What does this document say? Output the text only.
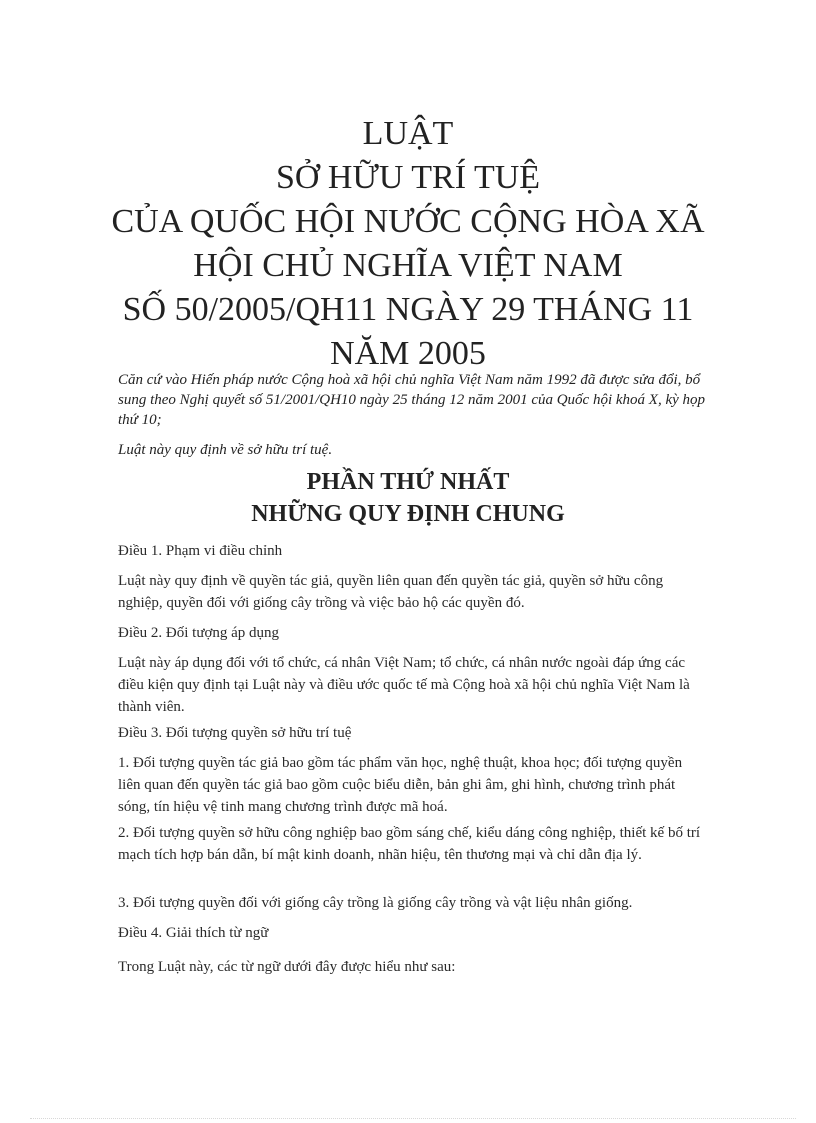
LUẬT
SỞ HỮU TRÍ TUỆ
CỦA QUỐC HỘI NƯỚC CỘNG HÒA XÃ
HỘI CHỦ NGHĨA VIỆT NAM
SỐ 50/2005/QH11 NGÀY 29 THÁNG 11
NĂM 2005
Căn cứ vào Hiến pháp nước Cộng hoà xã hội chủ nghĩa Việt Nam năm 1992 đã được sửa đổi, bổ sung theo Nghị quyết số 51/2001/QH10 ngày 25 tháng 12 năm 2001 của Quốc hội khoá X, kỳ họp thứ 10;
Luật này quy định về sở hữu trí tuệ.
PHẦN THỨ NHẤT
NHỮNG QUY ĐỊNH CHUNG
Điều 1. Phạm vi điều chỉnh
Luật này quy định về quyền tác giả, quyền liên quan đến quyền tác giả, quyền sở hữu công nghiệp, quyền đối với giống cây trồng và việc bảo hộ các quyền đó.
Điều 2. Đối tượng áp dụng
Luật này áp dụng đối với tổ chức, cá nhân Việt Nam; tổ chức, cá nhân nước ngoài đáp ứng các điều kiện quy định tại Luật này và điều ước quốc tế mà Cộng hoà xã hội chủ nghĩa Việt Nam là thành viên.
Điều 3. Đối tượng quyền sở hữu trí tuệ
1. Đối tượng quyền tác giả bao gồm tác phẩm văn học, nghệ thuật, khoa học; đối tượng quyền liên quan đến quyền tác giả bao gồm cuộc biểu diễn, bản ghi âm, ghi hình, chương trình phát sóng, tín hiệu vệ tinh mang chương trình được mã hoá.
2. Đối tượng quyền sở hữu công nghiệp bao gồm sáng chế, kiểu dáng công nghiệp, thiết kế bố trí mạch tích hợp bán dẫn, bí mật kinh doanh, nhãn hiệu, tên thương mại và chỉ dẫn địa lý.
3. Đối tượng quyền đối với giống cây trồng là giống cây trồng và vật liệu nhân giống.
Điều 4. Giải thích từ ngữ
Trong Luật này, các từ ngữ dưới đây được hiểu như sau:
